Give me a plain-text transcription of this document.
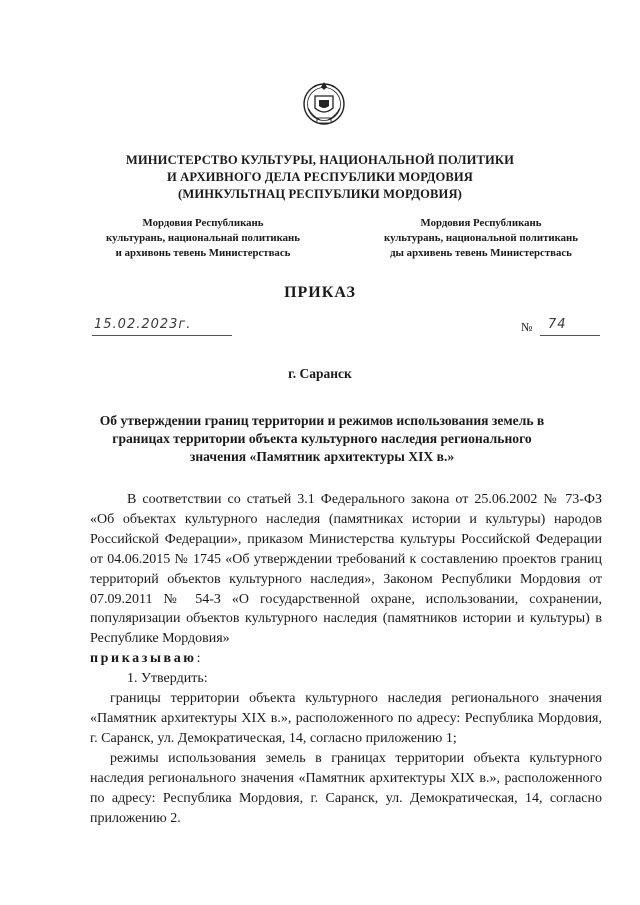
МИНИСТЕРСТВО КУЛЬТУРЫ, НАЦИОНАЛЬНОЙ ПОЛИТИКИ
И АРХИВНОГО ДЕЛА РЕСПУБЛИКИ МОРДОВИЯ
(МИНКУЛЬТНАЦ РЕСПУБЛИКИ МОРДОВИЯ)
Мордовия Республикань
культурань, национальнай политикань
и архивонь тевень Министерствась
Мордовия Республикань
культурань, национальной политикань
ды архивень тевень Министерствась
ПРИКАЗ
15.02.2023г.	№ 74
г. Саранск
Об утверждении границ территории и режимов использования земель в
границах территории объекта культурного наследия регионального
значения «Памятник архитектуры XIX в.»

В соответствии со статьей 3.1 Федерального закона от 25.06.2002 № 73-ФЗ «Об объектах культурного наследия (памятниках истории и культуры) народов Российской Федерации», приказом Министерства культуры Российской Федерации от 04.06.2015 № 1745 «Об утверждении требований к составлению проектов границ территорий объектов культурного наследия», Законом Республики Мордовия от 07.09.2011 № 54-З «О государственной охране, использовании, сохранении, популяризации объектов культурного наследия (памятников истории и культуры) в Республике Мордовия»
приказываю:

1. Утвердить:

границы территории объекта культурного наследия регионального значения «Памятник архитектуры XIX в.», расположенного по адресу: Республика Мордовия, г. Саранск, ул. Демократическая, 14, согласно приложению 1;

режимы использования земель в границах территории объекта культурного наследия регионального значения «Памятник архитектуры XIX в.», расположенного по адресу: Республика Мордовия, г. Саранск, ул. Демократическая, 14, согласно приложению 2.
